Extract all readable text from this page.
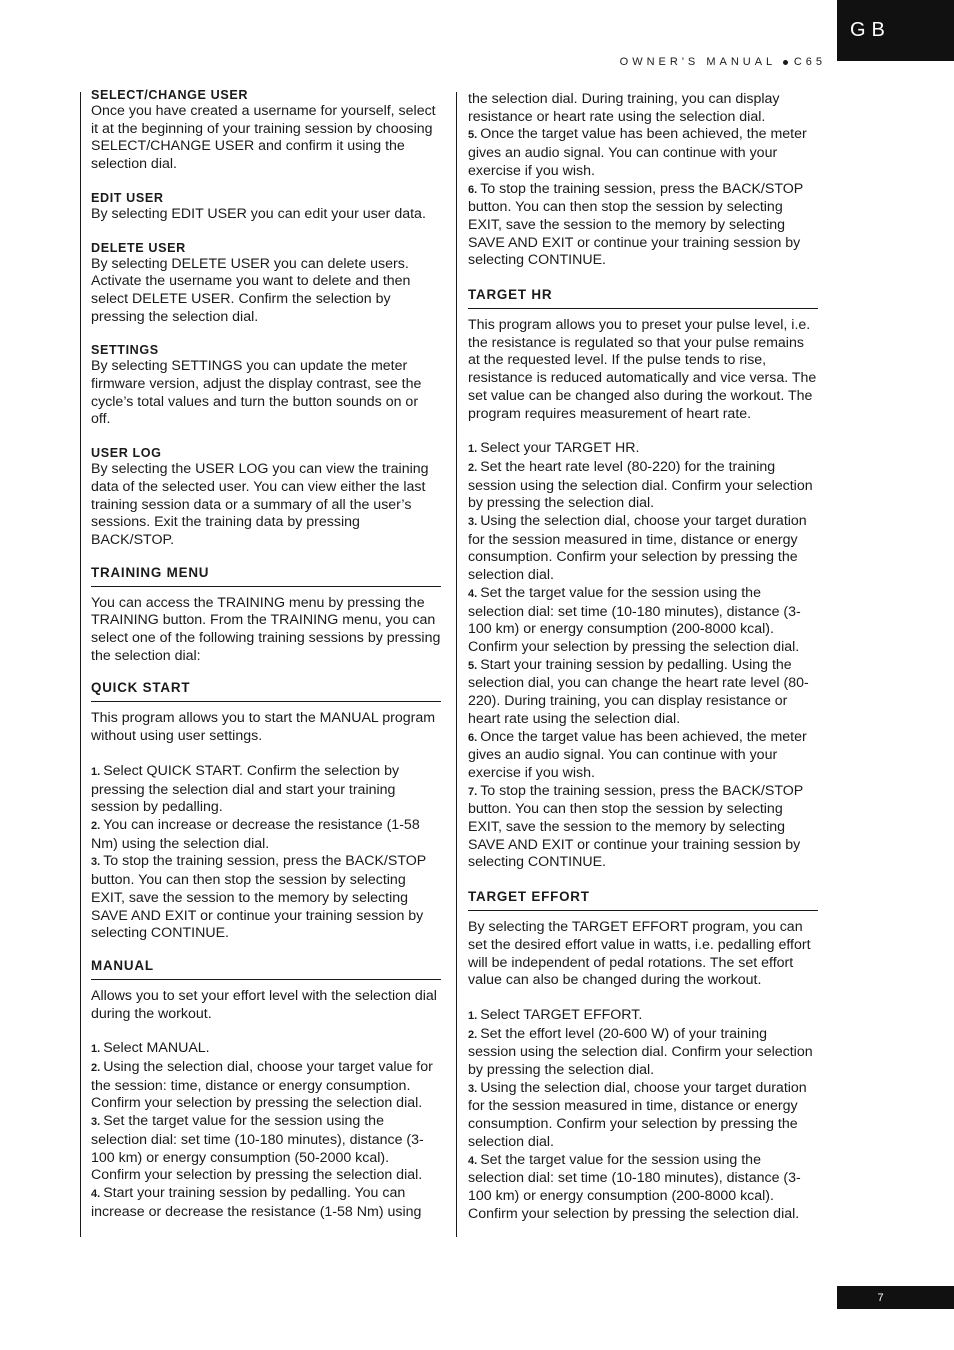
GB
OWNER'S MANUAL C65
SELECT/CHANGE USER

Once you have created a username for yourself, select it at the beginning of your training session by choosing SELECT/CHANGE USER and confirm it using the selection dial.

EDIT USER

By selecting EDIT USER you can edit your user data.

DELETE USER

By selecting DELETE USER you can delete users. Activate the username you want to delete and then select DELETE USER. Confirm the selection by pressing the selection dial.

SETTINGS

By selecting SETTINGS you can update the meter firmware version, adjust the display contrast, see the cycle’s total values and turn the button sounds on or off.

USER LOG

By selecting the USER LOG you can view the training data of the selected user. You can view either the last training session data or a summary of all the user’s sessions. Exit the training data by pressing BACK/STOP.

TRAINING MENU

You can access the TRAINING menu by pressing the TRAINING button. From the TRAINING menu, you can select one of the following training sessions by pressing the selection dial:

QUICK START

This program allows you to start the MANUAL program without using user settings.

1. Select QUICK START. Confirm the selection by pressing the selection dial and start your training session by pedalling.

2. You can increase or decrease the resistance (1-58 Nm) using the selection dial.

3. To stop the training session, press the BACK/STOP button. You can then stop the session by selecting EXIT, save the session to the memory by selecting SAVE AND EXIT or continue your training session by selecting CONTINUE.

MANUAL

Allows you to set your effort level with the selection dial during the workout.

1. Select MANUAL.

2. Using the selection dial, choose your target value for the session: time, distance or energy consumption. Confirm your selection by pressing the selection dial.

3. Set the target value for the session using the selection dial: set time (10-180 minutes), distance (3-100 km) or energy consumption (50-2000 kcal). Confirm your selection by pressing the selection dial.

4. Start your training session by pedalling. You can increase or decrease the resistance (1-58 Nm) using

the selection dial. During training, you can display resistance or heart rate using the selection dial.

5. Once the target value has been achieved, the meter gives an audio signal. You can continue with your exercise if you wish.

6. To stop the training session, press the BACK/STOP button. You can then stop the session by selecting EXIT, save the session to the memory by selecting SAVE AND EXIT or continue your training session by selecting CONTINUE.

TARGET HR

This program allows you to preset your pulse level, i.e. the resistance is regulated so that your pulse remains at the requested level. If the pulse tends to rise, resistance is reduced automatically and vice versa. The set value can be changed also during the workout. The program requires measurement of heart rate.

1. Select your TARGET HR.

2. Set the heart rate level (80-220) for the training session using the selection dial. Confirm your selection by pressing the selection dial.

3. Using the selection dial, choose your target duration for the session measured in time, distance or energy consumption. Confirm your selection by pressing the selection dial.

4. Set the target value for the session using the selection dial: set time (10-180 minutes), distance (3-100 km) or energy consumption (200-8000 kcal). Confirm your selection by pressing the selection dial.

5. Start your training session by pedalling. Using the selection dial, you can change the heart rate level (80-220). During training, you can display resistance or heart rate using the selection dial.

6. Once the target value has been achieved, the meter gives an audio signal. You can continue with your exercise if you wish.

7. To stop the training session, press the BACK/STOP button. You can then stop the session by selecting EXIT, save the session to the memory by selecting SAVE AND EXIT or continue your training session by selecting CONTINUE.

TARGET EFFORT

By selecting the TARGET EFFORT program, you can set the desired effort value in watts, i.e. pedalling effort will be independent of pedal rotations. The set effort value can also be changed during the workout.

1. Select TARGET EFFORT.

2. Set the effort level (20-600 W) of your training session using the selection dial. Confirm your selection by pressing the selection dial.

3. Using the selection dial, choose your target duration for the session measured in time, distance or energy consumption. Confirm your selection by pressing the selection dial.

4. Set the target value for the session using the selection dial: set time (10-180 minutes), distance (3-100 km) or energy consumption (200-8000 kcal). Confirm your selection by pressing the selection dial.

7
